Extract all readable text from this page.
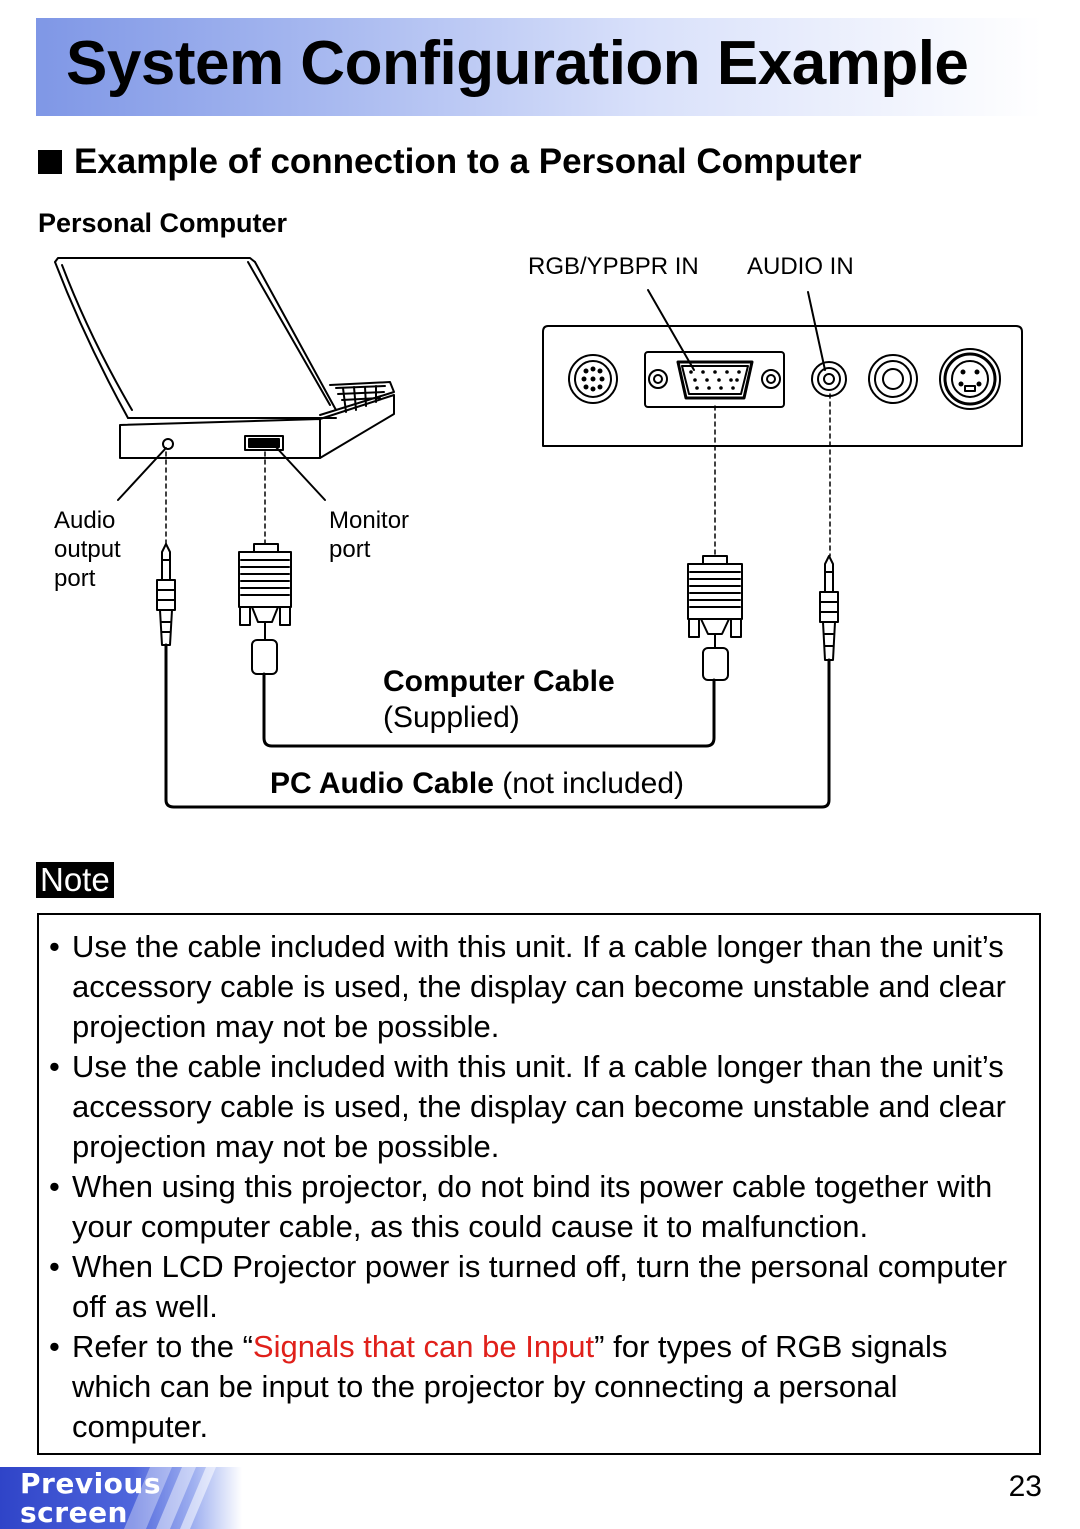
System Configuration Example
Example of connection to a Personal Computer
Personal Computer
RGB/YPBPR IN AUDIO IN
Audio
output
port
Monitor
port
Computer Cable
(Supplied)
PC Audio Cable (not included)
Note
• Use the cable included with this unit. If a cable longer than the unit’s accessory cable is used, the display can become unstable and clear projection may not be possible.
• Use the cable included with this unit. If a cable longer than the unit’s accessory cable is used, the display can become unstable and clear projection may not be possible.
• When using this projector, do not bind its power cable together with your computer cable, as this could cause it to malfunction.
• When LCD Projector power is turned off, turn the personal computer off as well.
• Refer to the “Signals that can be Input” for types of RGB signals which can be input to the projector by connecting a personal computer.
Previous
screen
23
